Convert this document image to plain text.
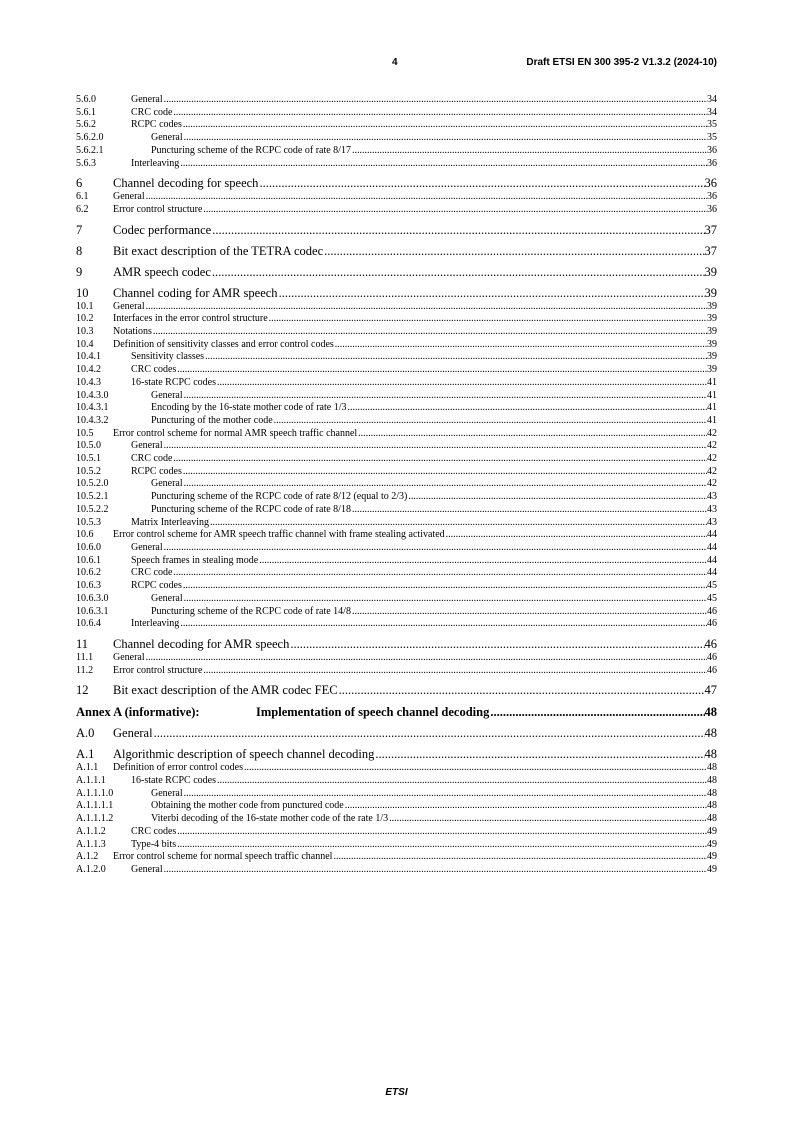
4	Draft ETSI EN 300 395-2 V1.3.2 (2024-10)
5.6.0	General .....	34
5.6.1	CRC code .....	34
5.6.2	RCPC codes .....	35
5.6.2.0	General .....	35
5.6.2.1	Puncturing scheme of the RCPC code of rate 8/17 .....	36
5.6.3	Interleaving .....	36
6	Channel decoding for speech .....	36
6.1	General .....	36
6.2	Error control structure .....	36
7	Codec performance .....	37
8	Bit exact description of the TETRA codec .....	37
9	AMR speech codec .....	39
10	Channel coding for AMR speech .....	39
10.1	General .....	39
10.2	Interfaces in the error control structure .....	39
10.3	Notations .....	39
10.4	Definition of sensitivity classes and error control codes .....	39
10.4.1	Sensitivity classes .....	39
10.4.2	CRC codes .....	39
10.4.3	16-state RCPC codes .....	41
10.4.3.0	General .....	41
10.4.3.1	Encoding by the 16-state mother code of rate 1/3 .....	41
10.4.3.2	Puncturing of the mother code .....	41
10.5	Error control scheme for normal AMR speech traffic channel .....	42
10.5.0	General .....	42
10.5.1	CRC code .....	42
10.5.2	RCPC codes .....	42
10.5.2.0	General .....	42
10.5.2.1	Puncturing scheme of the RCPC code of rate 8/12 (equal to 2/3) .....	43
10.5.2.2	Puncturing scheme of the RCPC code of rate 8/18 .....	43
10.5.3	Matrix Interleaving .....	43
10.6	Error control scheme for AMR speech traffic channel with frame stealing activated .....	44
10.6.0	General .....	44
10.6.1	Speech frames in stealing mode .....	44
10.6.2	CRC code .....	44
10.6.3	RCPC codes .....	45
10.6.3.0	General .....	45
10.6.3.1	Puncturing scheme of the RCPC code of rate 14/8 .....	46
10.6.4	Interleaving .....	46
11	Channel decoding for AMR speech .....	46
11.1	General .....	46
11.2	Error control structure .....	46
12	Bit exact description of the AMR codec FEC .....	47
Annex A (informative):	Implementation of speech channel decoding .....	48
A.0	General .....	48
A.1	Algorithmic description of speech channel decoding .....	48
A.1.1	Definition of error control codes .....	48
A.1.1.1	16-state RCPC codes .....	48
A.1.1.1.0	General .....	48
A.1.1.1.1	Obtaining the mother code from punctured code .....	48
A.1.1.1.2	Viterbi decoding of the 16-state mother code of the rate 1/3 .....	48
A.1.1.2	CRC codes .....	49
A.1.1.3	Type-4 bits .....	49
A.1.2	Error control scheme for normal speech traffic channel .....	49
A.1.2.0	General .....	49
ETSI
